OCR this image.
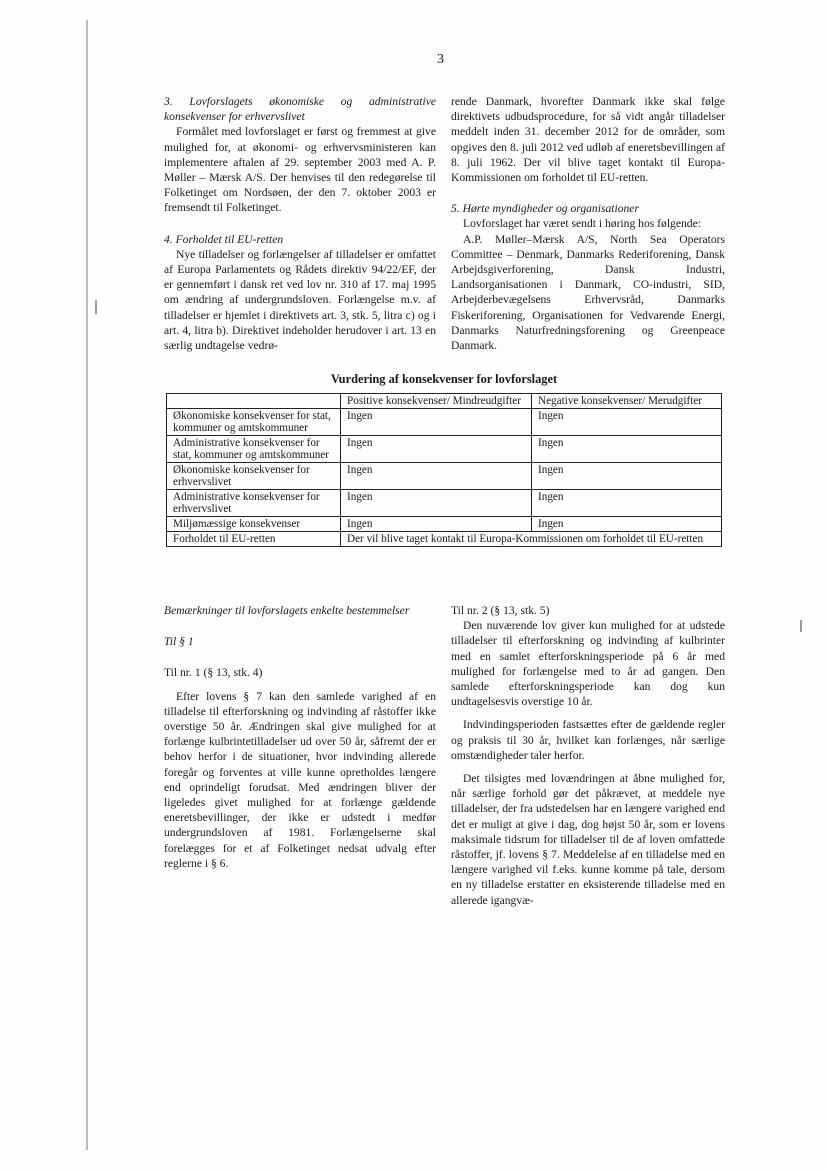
3

3. Lovforslagets økonomiske og administrative konsekvenser for erhvervslivet

Formålet med lovforslaget er først og fremmest at give mulighed for, at økonomi- og erhvervsministeren kan implementere aftalen af 29. september 2003 med A. P. Møller – Mærsk A/S. Der henvises til den redegørelse til Folketinget om Nordsøen, der den 7. oktober 2003 er fremsendt til Folketinget.

4. Forholdet til EU-retten

Nye tilladelser og forlængelser af tilladelser er omfattet af Europa Parlamentets og Rådets direktiv 94/22/EF, der er gennemført i dansk ret ved lov nr. 310 af 17. maj 1995 om ændring af undergrundsloven. Forlængelse m.v. af tilladelser er hjemlet i direktivets art. 3, stk. 5, litra c) og i art. 4, litra b). Direktivet indeholder herudover i art. 13 en særlig undtagelse vedrø-

rende Danmark, hvorefter Danmark ikke skal følge direktivets udbudsprocedure, for så vidt angår tilladelser meddelt inden 31. december 2012 for de områder, som opgives den 8. juli 2012 ved udløb af eneretsbevillingen af 8. juli 1962. Der vil blive taget kontakt til Europa-Kommissionen om forholdet til EU-retten.

5. Hørte myndigheder og organisationer

Lovforslaget har været sendt i høring hos følgende:

A.P. Møller–Mærsk A/S, North Sea Operators Committee – Denmark, Danmarks Rederiforening, Dansk Arbejdsgiverforening, Dansk Industri, Landsorganisationen i Danmark, CO-industri, SID, Arbejderbevægelsens Erhvervsråd, Danmarks Fiskeriforening, Organisationen for Vedvarende Energi, Danmarks Naturfredningsforening og Greenpeace Danmark.

Vurdering af konsekvenser for lovforslaget
	Positive konsekvenser/ Mindreudgifter	Negative konsekvenser/ Merudgifter
Økonomiske konsekvenser for stat, kommuner og amtskommuner	Ingen	Ingen
Administrative konsekvenser for stat, kommuner og amtskommuner	Ingen	Ingen
Økonomiske konsekvenser for erhvervslivet	Ingen	Ingen
Administrative konsekvenser for erhvervslivet	Ingen	Ingen
Miljømæssige konsekvenser	Ingen	Ingen
Forholdet til EU-retten	Der vil blive taget kontakt til Europa-Kommissionen om forholdet til EU-retten	

Bemærkninger til lovforslagets enkelte bestemmelser

Til § 1

Til nr. 1 (§ 13, stk. 4)

Efter lovens § 7 kan den samlede varighed af en tilladelse til efterforskning og indvinding af råstoffer ikke overstige 50 år. Ændringen skal give mulighed for at forlænge kulbrintetilladelser ud over 50 år, såfremt der er behov herfor i de situationer, hvor indvinding allerede foregår og forventes at ville kunne opretholdes længere end oprindeligt forudsat. Med ændringen bliver der ligeledes givet mulighed for at forlænge gældende eneretsbevillinger, der ikke er udstedt i medfør undergrundsloven af 1981. Forlængelserne skal forelægges for et af Folketinget nedsat udvalg efter reglerne i § 6.

Til nr. 2 (§ 13, stk. 5)

Den nuværende lov giver kun mulighed for at udstede tilladelser til efterforskning og indvinding af kulbrinter med en samlet efterforskningsperiode på 6 år med mulighed for forlængelse med to år ad gangen. Den samlede efterforskningsperiode kan dog kun undtagelsesvis overstige 10 år.

Indvindingsperioden fastsættes efter de gældende regler og praksis til 30 år, hvilket kan forlænges, når særlige omstændigheder taler herfor.

Det tilsigtes med lovændringen at åbne mulighed for, når særlige forhold gør det påkrævet, at meddele nye tilladelser, der fra udstedelsen har en længere varighed end det er muligt at give i dag, dog højst 50 år, som er lovens maksimale tidsrum for tilladelser til de af loven omfattede råstoffer, jf. lovens § 7. Meddelelse af en tilladelse med en længere varighed vil f.eks. kunne komme på tale, dersom en ny tilladelse erstatter en eksisterende tilladelse med en allerede igangvæ-
